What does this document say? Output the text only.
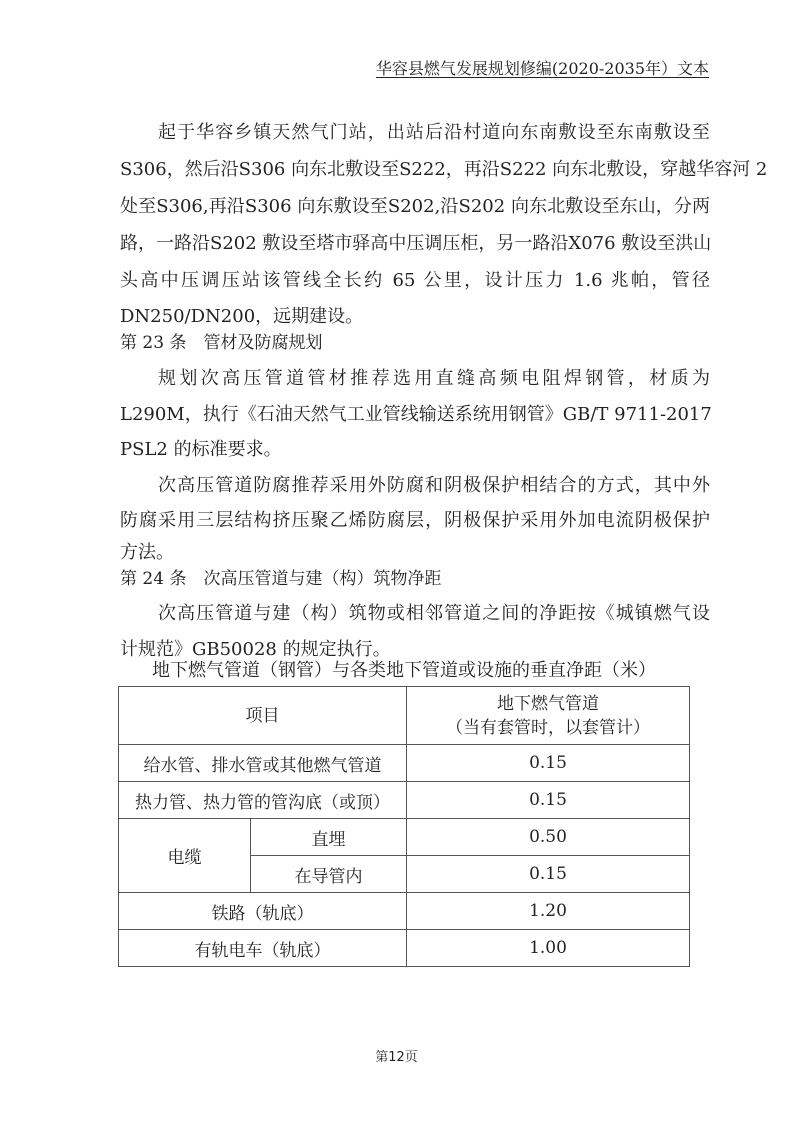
华容县燃气发展规划修编(2020-2035年）文本
起于华容乡镇天然气门站，出站后沿村道向东南敷设至东南敷设至
S306，然后沿S306 向东北敷设至S222，再沿S222 向东北敷设，穿越华容河 2
处至S306,再沿S306 向东敷设至S202,沿S202 向东北敷设至东山，分两
路，一路沿S202 敷设至塔市驿高中压调压柜，另一路沿X076 敷设至洪山
头高中压调压站该管线全长约 65 公里，设计压力 1.6 兆帕，管径
DN250/DN200，远期建设。
第 23 条　管材及防腐规划
规划次高压管道管材推荐选用直缝高频电阻焊钢管，材质为
L290M，执行《石油天然气工业管线输送系统用钢管》GB/T 9711-2017
PSL2 的标准要求。
次高压管道防腐推荐采用外防腐和阴极保护相结合的方式，其中外
防腐采用三层结构挤压聚乙烯防腐层，阴极保护采用外加电流阴极保护
方法。
第 24 条　次高压管道与建（构）筑物净距
次高压管道与建（构）筑物或相邻管道之间的净距按《城镇燃气设
计规范》GB50028 的规定执行。
地下燃气管道（钢管）与各类地下管道或设施的垂直净距（米）
项目		地下燃气管道
（当有套管时，以套管计）
给水管、排水管或其他燃气管道		0.15
热力管、热力管的管沟底（或顶）		0.15
电缆	直埋	0.50
	在导管内	0.15
铁路（轨底）		1.20
有轨电车（轨底）		1.00
第12页
